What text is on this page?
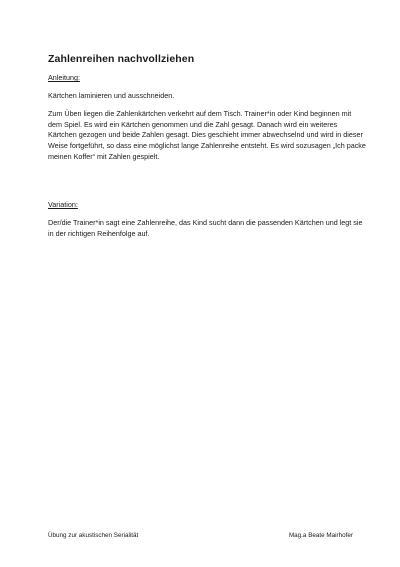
Zahlenreihen nachvollziehen
Anleitung:
Kärtchen laminieren und ausschneiden.
Zum Üben liegen die Zahlenkärtchen verkehrt auf dem Tisch. Trainer*in oder Kind beginnen mit dem Spiel. Es wird ein Kärtchen genommen und die Zahl gesagt. Danach wird ein weiteres Kärtchen gezogen und beide Zahlen gesagt. Dies geschieht immer abwechselnd und wird in dieser Weise fortgeführt, so dass eine möglichst lange Zahlenreihe entsteht. Es wird sozusagen „Ich packe meinen Koffer“ mit Zahlen gespielt.
Variation:
Der/die Trainer*in sagt eine Zahlenreihe, das Kind sucht dann die passenden Kärtchen und legt sie in der richtigen Reihenfolge auf.
Übung zur akustischen Serialität	Mag.a Beate Mairhofer
